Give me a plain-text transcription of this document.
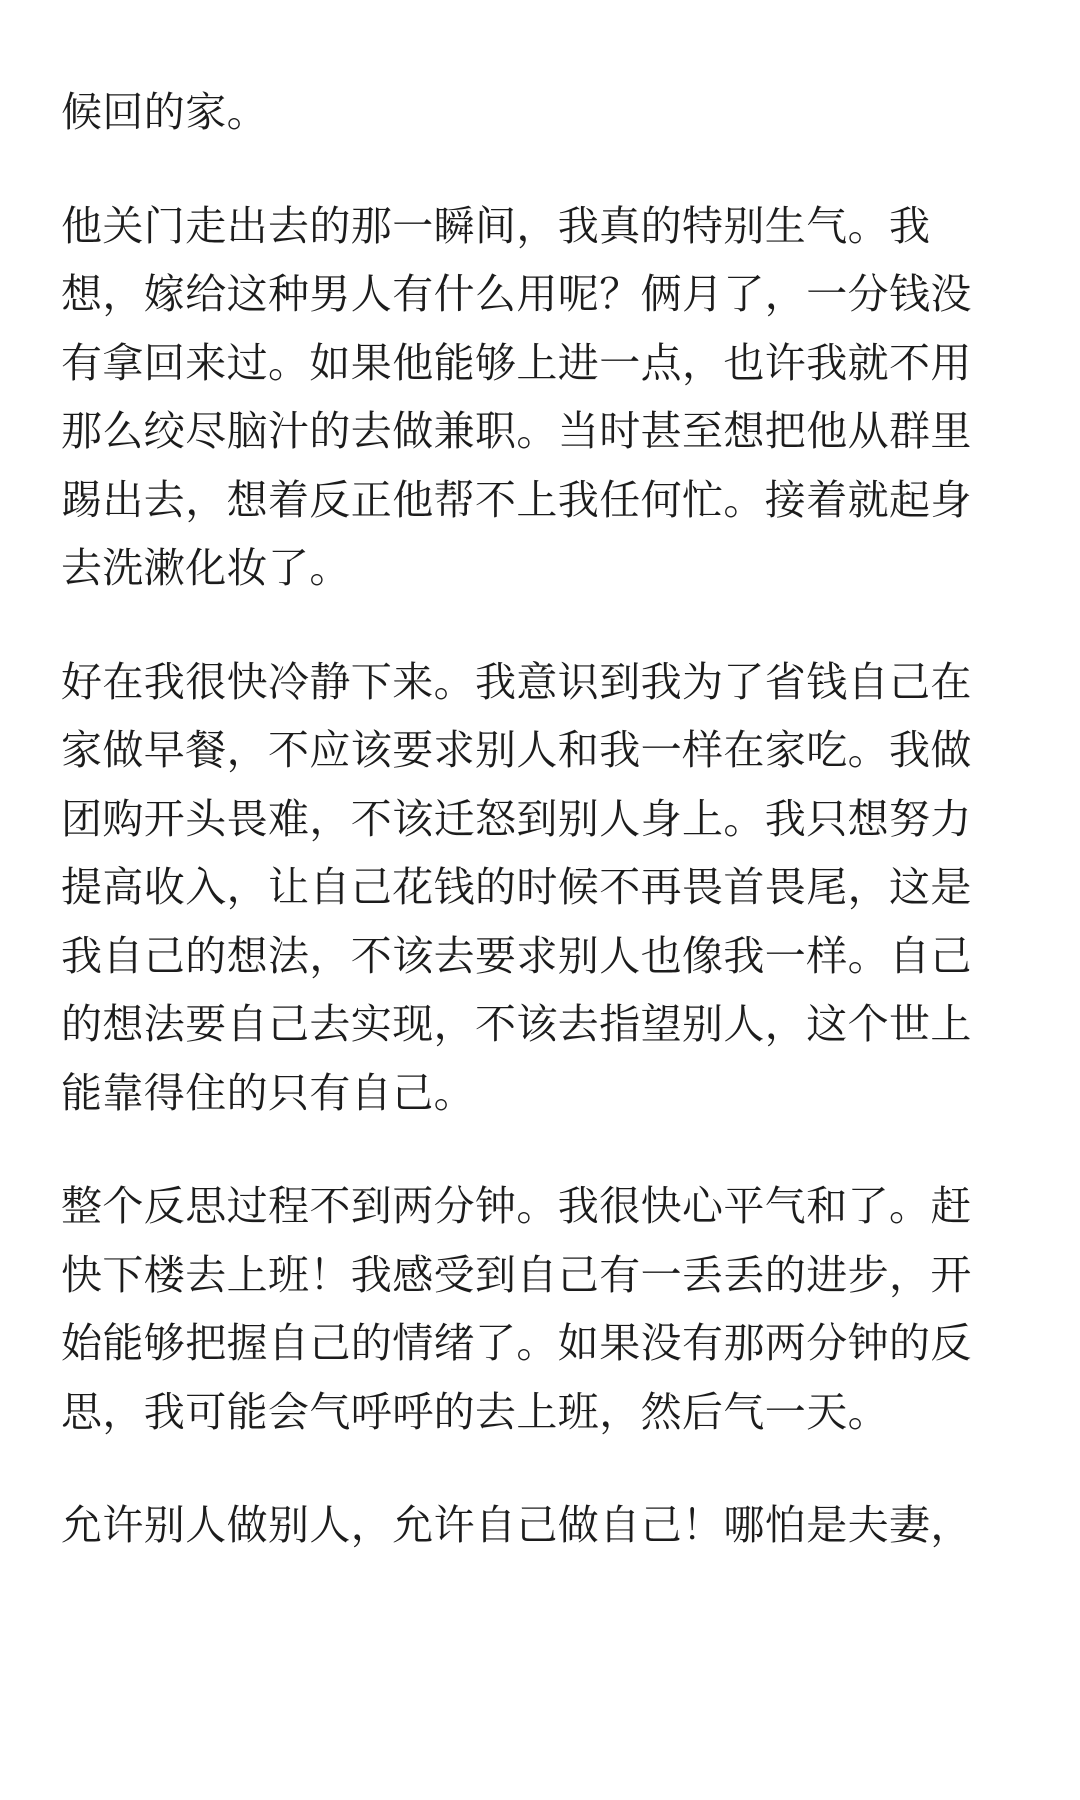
候回的家。

他关门走出去的那一瞬间，我真的特别生气。我
想，嫁给这种男人有什么用呢？俩月了，一分钱没
有拿回来过。如果他能够上进一点，也许我就不用
那么绞尽脑汁的去做兼职。当时甚至想把他从群里
踢出去，想着反正他帮不上我任何忙。接着就起身
去洗漱化妆了。

好在我很快冷静下来。我意识到我为了省钱自己在
家做早餐，不应该要求别人和我一样在家吃。我做
团购开头畏难，不该迁怒到别人身上。我只想努力
提高收入，让自己花钱的时候不再畏首畏尾，这是
我自己的想法，不该去要求别人也像我一样。自己
的想法要自己去实现，不该去指望别人，这个世上
能靠得住的只有自己。

整个反思过程不到两分钟。我很快心平气和了。赶
快下楼去上班！我感受到自己有一丢丢的进步，开
始能够把握自己的情绪了。如果没有那两分钟的反
思，我可能会气呼呼的去上班，然后气一天。

允许别人做别人，允许自己做自己！哪怕是夫妻，
